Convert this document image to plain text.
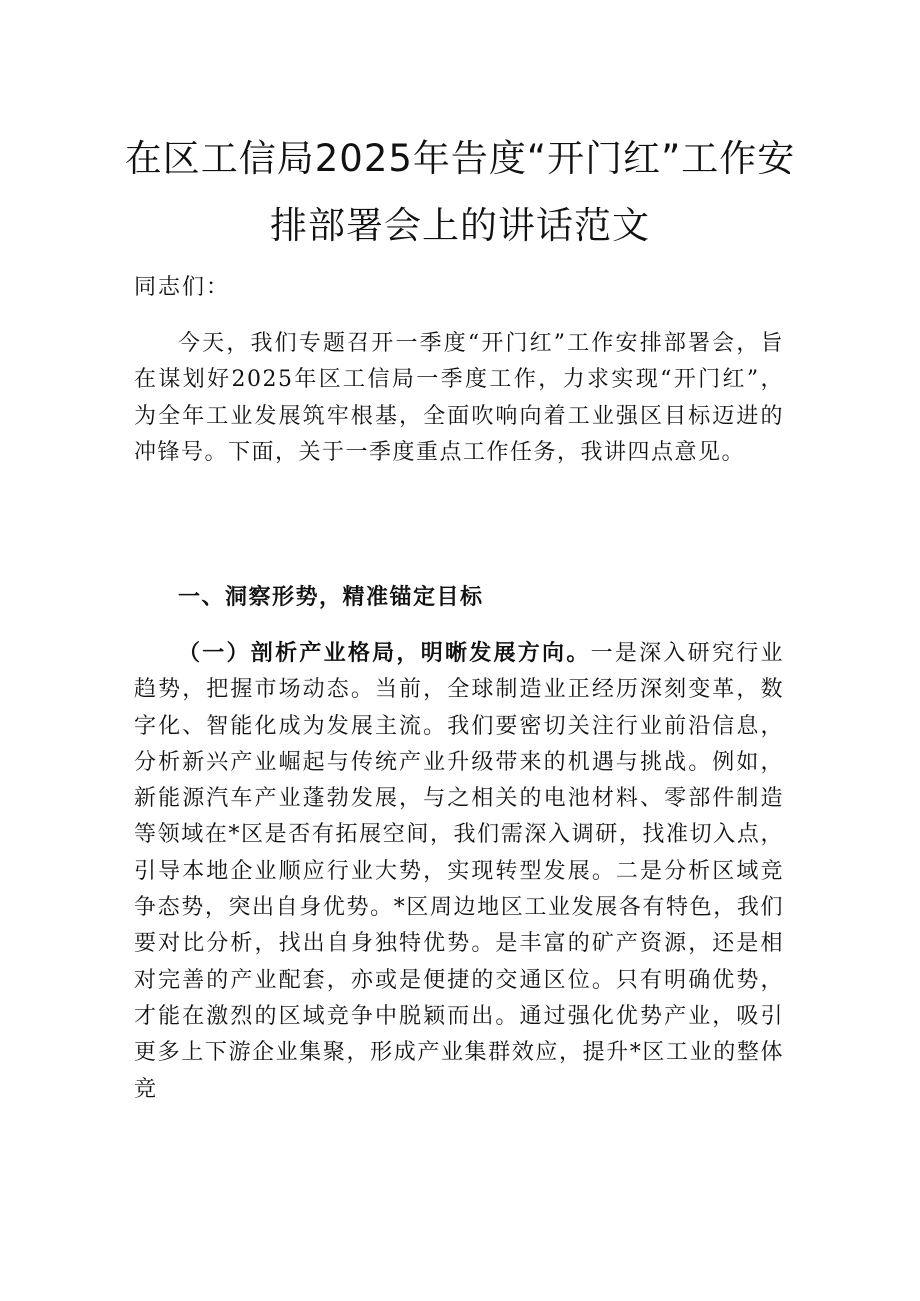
在区工信局2025年告度“开门红”工作安
排部署会上的讲话范文
同志们：

今天，我们专题召开一季度“开门红”工作安排部署会，旨在谋划好2025年区工信局一季度工作，力求实现“开门红”，为全年工业发展筑牢根基，全面吹响向着工业强区目标迈进的冲锋号。下面，关于一季度重点工作任务，我讲四点意见。

一、洞察形势，精准锚定目标

（一）剖析产业格局，明晰发展方向。一是深入研究行业趋势，把握市场动态。当前，全球制造业正经历深刻变革，数字化、智能化成为发展主流。我们要密切关注行业前沿信息，分析新兴产业崛起与传统产业升级带来的机遇与挑战。例如，新能源汽车产业蓬勃发展，与之相关的电池材料、零部件制造等领域在*区是否有拓展空间，我们需深入调研，找准切入点，引导本地企业顺应行业大势，实现转型发展。二是分析区域竞争态势，突出自身优势。*区周边地区工业发展各有特色，我们要对比分析，找出自身独特优势。是丰富的矿产资源，还是相对完善的产业配套，亦或是便捷的交通区位。只有明确优势，才能在激烈的区域竞争中脱颖而出。通过强化优势产业，吸引更多上下游企业集聚，形成产业集群效应，提升*区工业的整体竞
